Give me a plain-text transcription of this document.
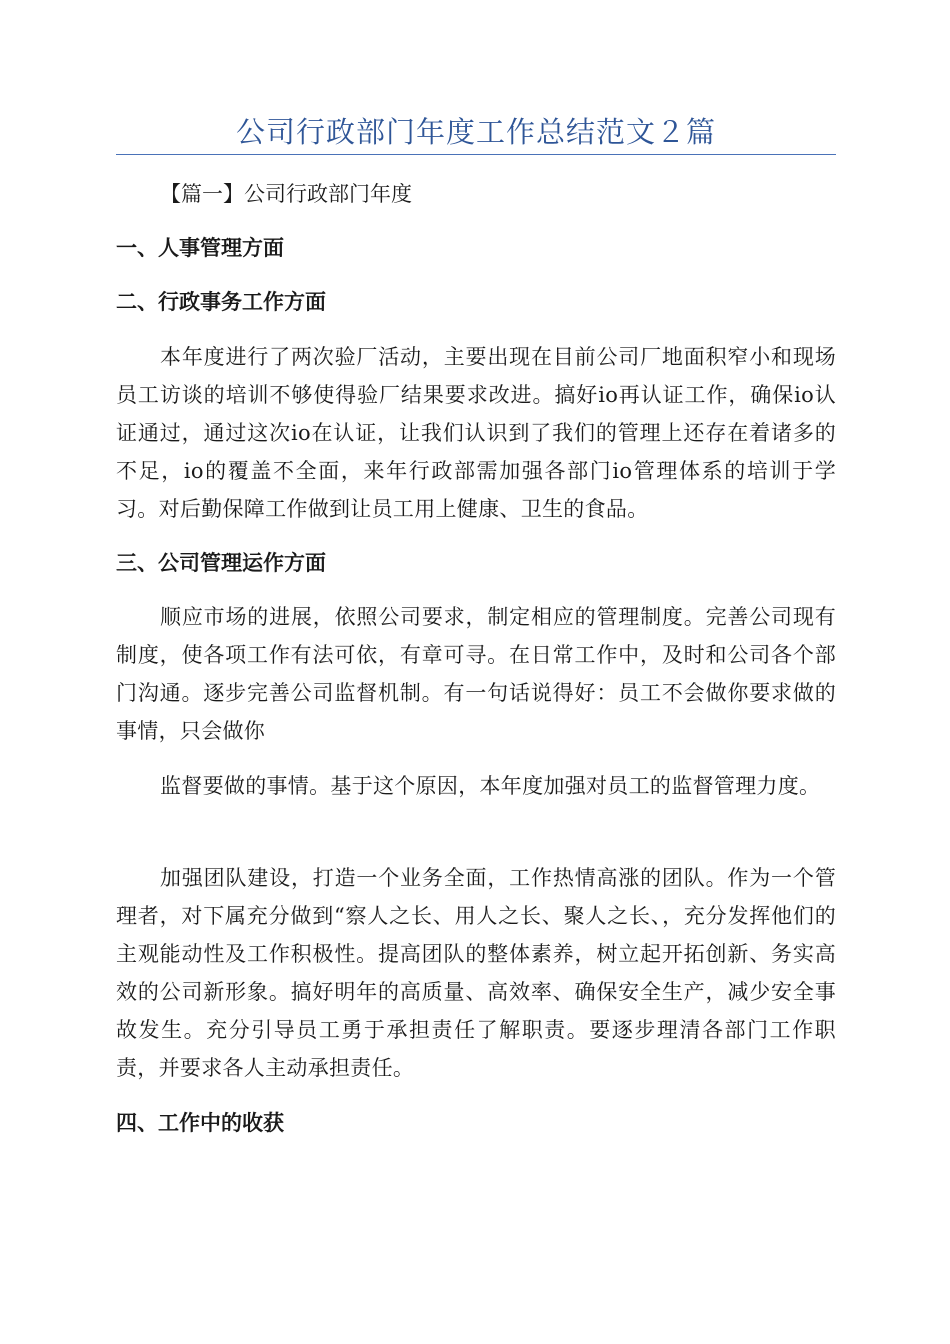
公司行政部门年度工作总结范文２篇
【篇一】公司行政部门年度
一、人事管理方面
二、行政事务工作方面
本年度进行了两次验厂活动，主要出现在目前公司厂地面积窄小和现场员工访谈的培训不够使得验厂结果要求改进。搞好io再认证工作，确保io认证通过，通过这次io在认证，让我们认识到了我们的管理上还存在着诸多的不足，io的覆盖不全面，来年行政部需加强各部门io管理体系的培训于学习。对后勤保障工作做到让员工用上健康、卫生的食品。
三、公司管理运作方面
顺应市场的进展，依照公司要求，制定相应的管理制度。完善公司现有制度，使各项工作有法可依，有章可寻。在日常工作中，及时和公司各个部门沟通。逐步完善公司监督机制。有一句话说得好：员工不会做你要求做的事情，只会做你
监督要做的事情。基于这个原因，本年度加强对员工的监督管理力度。
加强团队建设，打造一个业务全面，工作热情高涨的团队。作为一个管理者，对下属充分做到“察人之长、用人之长、聚人之长、，充分发挥他们的主观能动性及工作积极性。提高团队的整体素养，树立起开拓创新、务实高效的公司新形象。搞好明年的高质量、高效率、确保安全生产，减少安全事故发生。充分引导员工勇于承担责任了解职责。要逐步理清各部门工作职责，并要求各人主动承担责任。
四、工作中的收获
